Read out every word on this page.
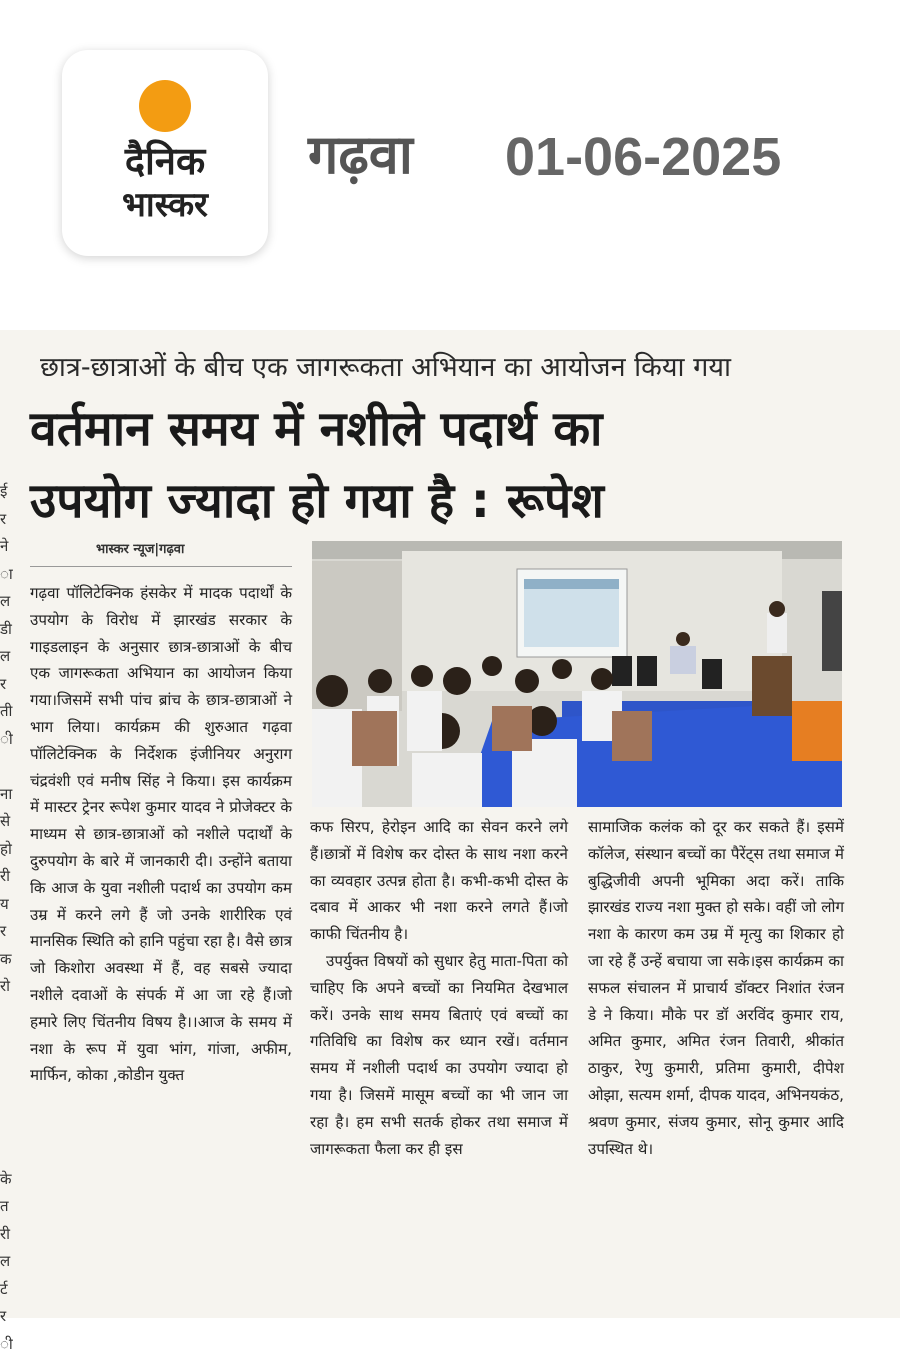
दैनिक
भास्कर
गढ़वा 01-06-2025
छात्र-छात्राओं के बीच एक जागरूकता अभियान का आयोजन किया गया
वर्तमान समय में नशीले पदार्थ का
उपयोग ज्यादा हो गया है : रूपेश
ई
र
ने
ा
ल
डी
ल
र
ती
ी
ना
से
हो
री
य
र
क
रो
के
त
री
ल
र्ट
र
ी
भास्कर न्यूज|गढ़वा

गढ़वा पॉलिटेक्निक हंसकेर में मादक पदार्थों के उपयोग के विरोध में झारखंड सरकार के गाइडलाइन के अनुसार छात्र-छात्राओं के बीच एक जागरूकता अभियान का आयोजन किया गया।जिसमें सभी पांच ब्रांच के छात्र-छात्राओं ने भाग लिया। कार्यक्रम की शुरुआत गढ़वा पॉलिटेक्निक के निर्देशक इंजीनियर अनुराग चंद्रवंशी एवं मनीष सिंह ने किया। इस कार्यक्रम में मास्टर ट्रेनर रूपेश कुमार यादव ने प्रोजेक्टर के माध्यम से छात्र-छात्राओं को नशीले पदार्थों के दुरुपयोग के बारे में जानकारी दी। उन्होंने बताया कि आज के युवा नशीली पदार्थ का उपयोग कम उम्र में करने लगे हैं जो उनके शारीरिक एवं मानसिक स्थिति को हानि पहुंचा रहा है। वैसे छात्र जो किशोरा अवस्था में हैं, वह सबसे ज्यादा नशीले दवाओं के संपर्क में आ जा रहे हैं।जो हमारे लिए चिंतनीय विषय है।।आज के समय में नशा के रूप में युवा भांग, गांजा, अफीम, मार्फिन, कोका ,कोडीन युक्त

कफ सिरप, हेरोइन आदि का सेवन करने लगे हैं।छात्रों में विशेष कर दोस्त के साथ नशा करने का व्यवहार उत्पन्न होता है। कभी-कभी दोस्त के दबाव में आकर भी नशा करने लगते हैं।जो काफी चिंतनीय है।

उपर्युक्त विषयों को सुधार हेतु माता-पिता को चाहिए कि अपने बच्चों का नियमित देखभाल करें। उनके साथ समय बिताएं एवं बच्चों का गतिविधि का विशेष कर ध्यान रखें। वर्तमान समय में नशीली पदार्थ का उपयोग ज्यादा हो गया है। जिसमें मासूम बच्चों का भी जान जा रहा है। हम सभी सतर्क होकर तथा समाज में जागरूकता फैला कर ही इस

सामाजिक कलंक को दूर कर सकते हैं। इसमें कॉलेज, संस्थान बच्चों का पैरेंट्स तथा समाज में बुद्धिजीवी अपनी भूमिका अदा करें। ताकि झारखंड राज्य नशा मुक्त हो सके। वहीं जो लोग नशा के कारण कम उम्र में मृत्यु का शिकार हो जा रहे हैं उन्हें बचाया जा सके।इस कार्यक्रम का सफल संचालन में प्राचार्य डॉक्टर निशांत रंजन डे ने किया। मौके पर डॉ अरविंद कुमार राय, अमित कुमार, अमित रंजन तिवारी, श्रीकांत ठाकुर, रेणु कुमारी, प्रतिमा कुमारी, दीपेश ओझा, सत्यम शर्मा, दीपक यादव, अभिनयकंठ, श्रवण कुमार, संजय कुमार, सोनू कुमार आदि उपस्थित थे।
